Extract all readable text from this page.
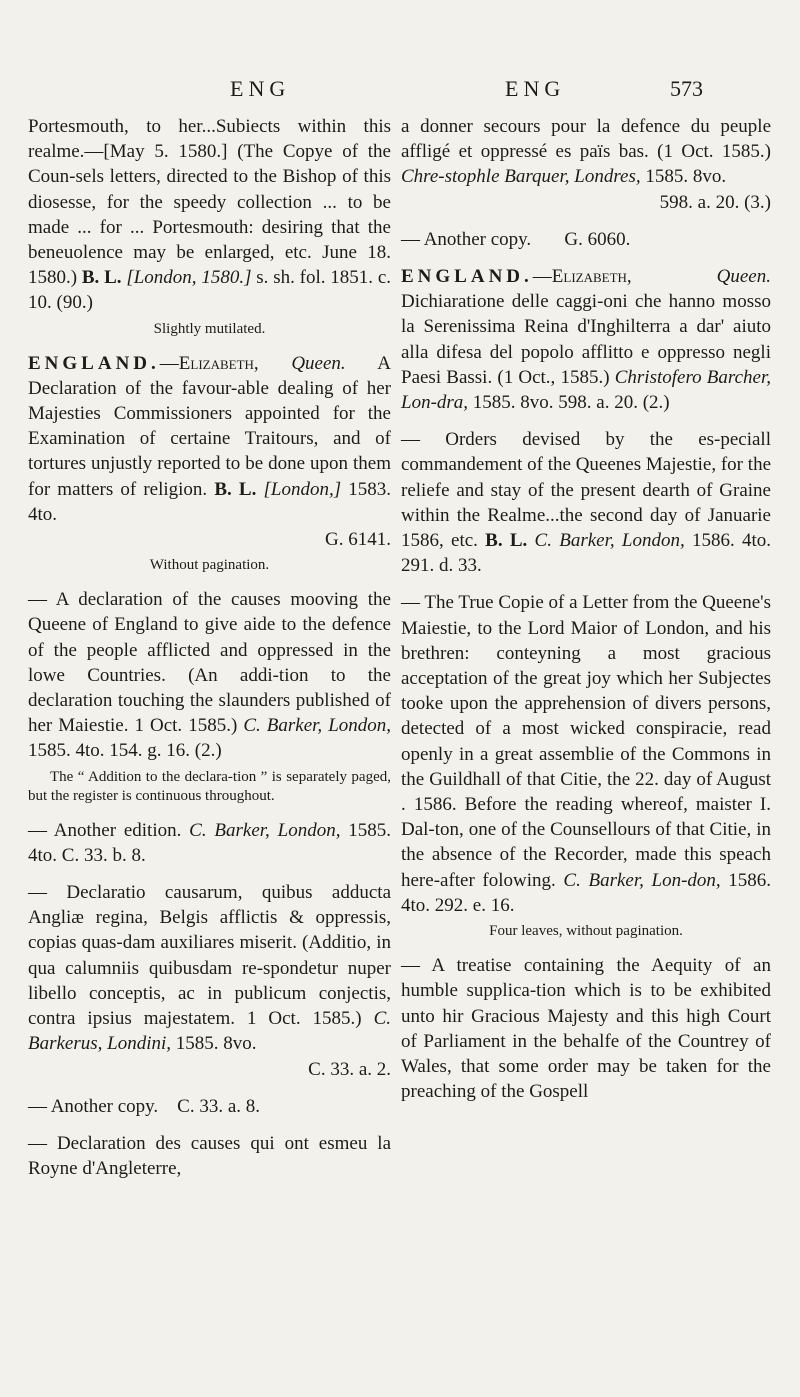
ENG	ENG	573

Portesmouth, to her...Subiects within this realme.—[May 5. 1580.] (The Copye of the Coun-sels letters, directed to the Bishop of this diosesse, for the speedy collection ... to be made ... for ... Portesmouth: desiring that the beneuolence may be enlarged, etc. June 18. 1580.) B. L. [London, 1580.] s. sh. fol. 1851. c. 10. (90.)

Slightly mutilated.

ENGLAND.—Elizabeth, Queen. A Declaration of the favour-able dealing of her Majesties Commissioners appointed for the Examination of certaine Traitours, and of tortures unjustly reported to be done upon them for matters of religion. B. L. [London,] 1583. 4to.
G. 6141.

Without pagination.

— A declaration of the causes mooving the Queene of England to give aide to the defence of the people afflicted and oppressed in the lowe Countries. (An addi-tion to the declaration touching the slaunders published of her Maiestie. 1 Oct. 1585.) C. Barker, London, 1585. 4to. 154. g. 16. (2.)

The “ Addition to the declara-tion ” is separately paged, but the register is continuous throughout.

— Another edition. C. Barker, London, 1585. 4to. C. 33. b. 8.

— Declaratio causarum, quibus adducta Angliæ regina, Belgis afflictis & oppressis, copias quas-dam auxiliares miserit. (Additio, in qua calumniis quibusdam re-spondetur nuper libello conceptis, ac in publicum conjectis, contra ipsius majestatem. 1 Oct. 1585.) C. Barkerus, Londini, 1585. 8vo.
C. 33. a. 2.

— Another copy. C. 33. a. 8.

— Declaration des causes qui ont esmeu la Royne d'Angleterre,

a donner secours pour la defence du peuple affligé et oppressé es païs bas. (1 Oct. 1585.) Chre-stophle Barquer, Londres, 1585. 8vo.
598. a. 20. (3.)

— Another copy. G. 6060.

ENGLAND.—Elizabeth,	Queen. Dichiaratione delle caggi-oni che hanno mosso la Serenissima Reina d'Inghilterra a dar' aiuto alla difesa del popolo afflitto e oppresso negli Paesi Bassi. (1 Oct., 1585.) Christofero Barcher, Lon-dra, 1585. 8vo. 598. a. 20. (2.)

— Orders devised by the es-peciall commandement of the Queenes Majestie, for the reliefe and stay of the present dearth of Graine within the Realme...the second day of Januarie 1586, etc. B. L. C. Barker, London, 1586. 4to. 291. d. 33.

— The True Copie of a Letter from the Queene's Maiestie, to the Lord Maior of London, and his brethren: conteyning a most gracious acceptation of the great joy which her Subjectes tooke upon the apprehension of divers persons, detected of a most wicked conspiracie, read openly in a great assemblie of the Commons in the Guildhall of that Citie, the 22. day of August . 1586. Before the reading whereof, maister I. Dal-ton, one of the Counsellours of that Citie, in the absence of the Recorder, made this speach here-after folowing. C. Barker, Lon-don, 1586. 4to. 292. e. 16.

Four leaves, without pagination.

— A treatise containing the Aequity of an humble supplica-tion which is to be exhibited unto hir Gracious Majesty and this high Court of Parliament in the behalfe of the Countrey of Wales, that some order may be taken for the preaching of the Gospell
